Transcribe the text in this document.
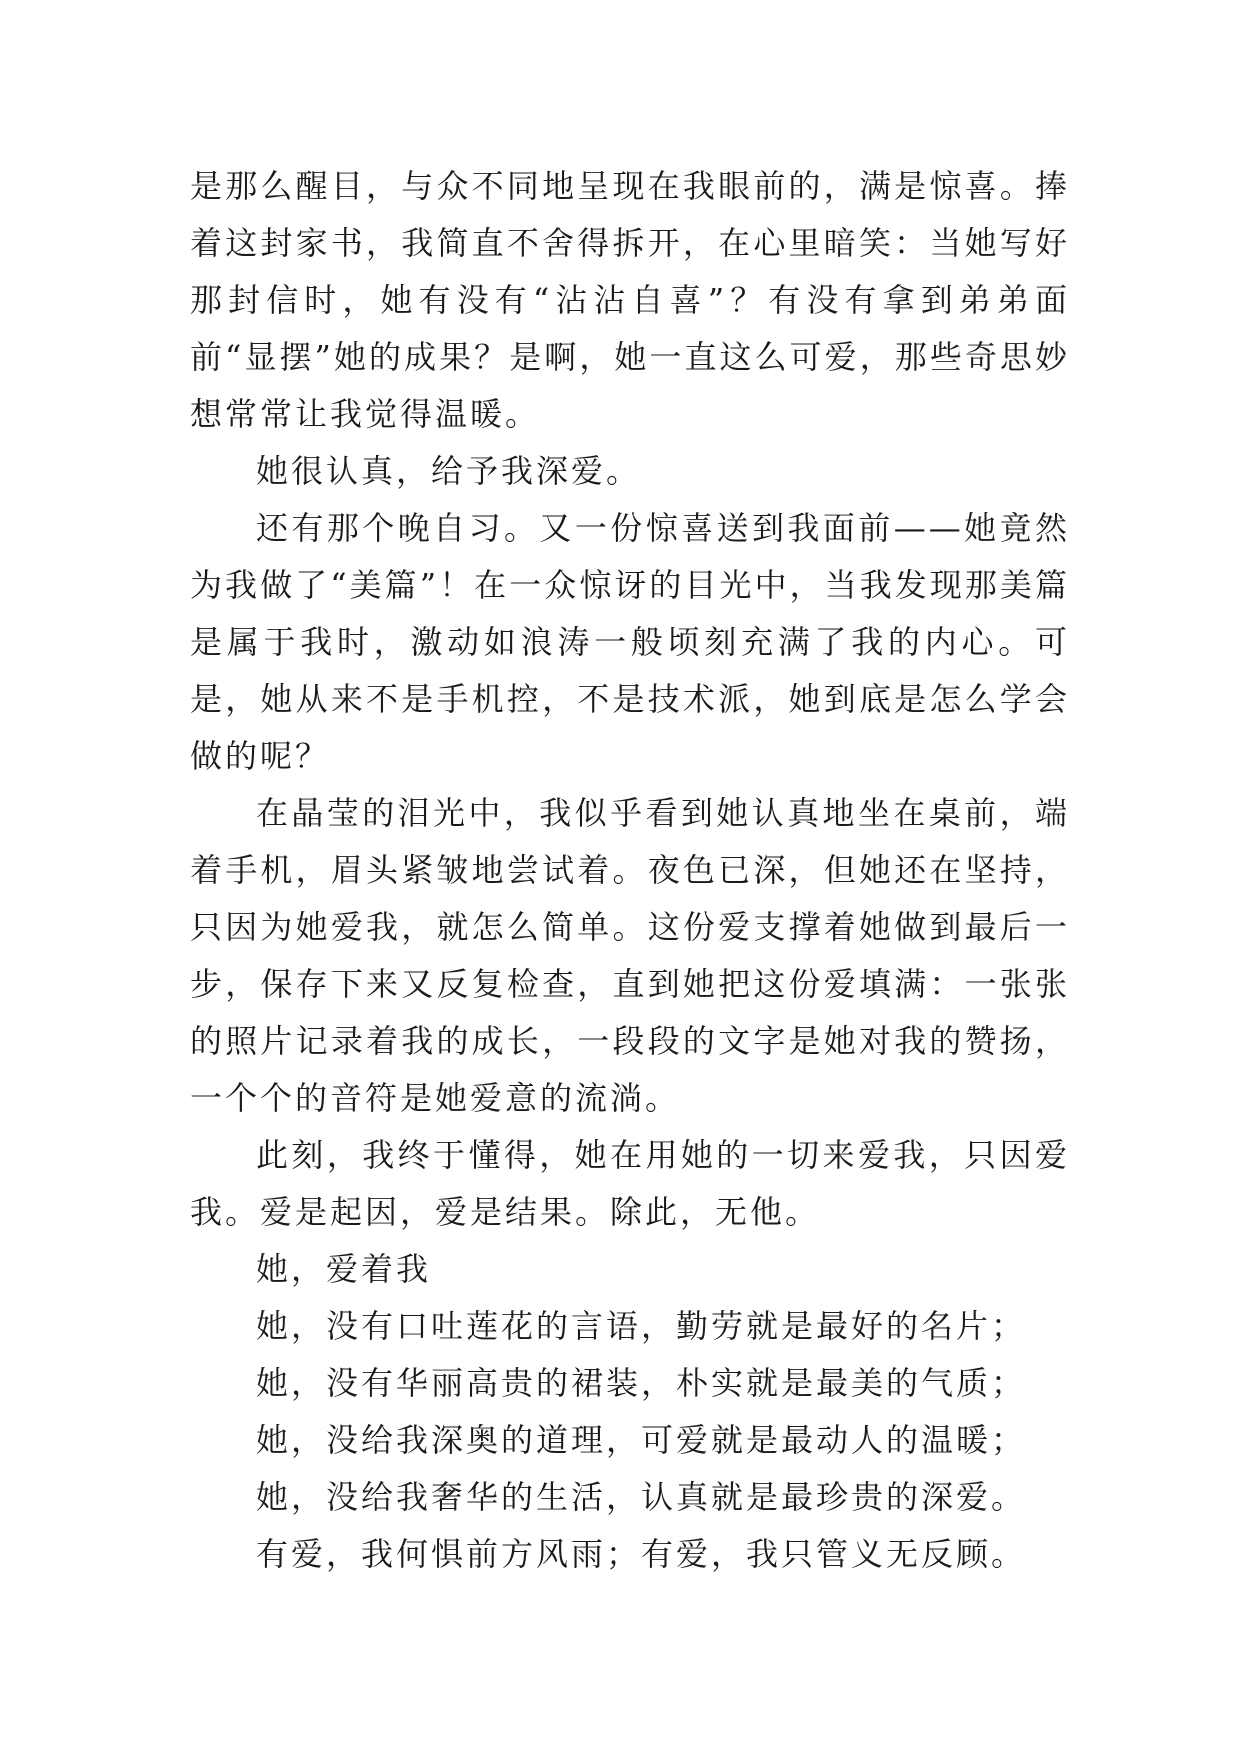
是那么醒目，与众不同地呈现在我眼前的，满是惊喜。捧着这封家书，我简直不舍得拆开，在心里暗笑：当她写好那封信时，她有没有“沾沾自喜”？有没有拿到弟弟面前“显摆”她的成果？是啊，她一直这么可爱，那些奇思妙想常常让我觉得温暖。

她很认真，给予我深爱。

还有那个晚自习。又一份惊喜送到我面前——她竟然为我做了“美篇”！在一众惊讶的目光中，当我发现那美篇是属于我时，激动如浪涛一般顷刻充满了我的内心。可是，她从来不是手机控，不是技术派，她到底是怎么学会做的呢？

在晶莹的泪光中，我似乎看到她认真地坐在桌前，端着手机，眉头紧皱地尝试着。夜色已深，但她还在坚持，只因为她爱我，就怎么简单。这份爱支撑着她做到最后一步，保存下来又反复检查，直到她把这份爱填满：一张张的照片记录着我的成长，一段段的文字是她对我的赞扬，一个个的音符是她爱意的流淌。

此刻，我终于懂得，她在用她的一切来爱我，只因爱我。爱是起因，爱是结果。除此，无他。

她，爱着我

她，没有口吐莲花的言语，勤劳就是最好的名片；

她，没有华丽高贵的裙装，朴实就是最美的气质；

她，没给我深奥的道理，可爱就是最动人的温暖；

她，没给我奢华的生活，认真就是最珍贵的深爱。

有爱，我何惧前方风雨；有爱，我只管义无反顾。
